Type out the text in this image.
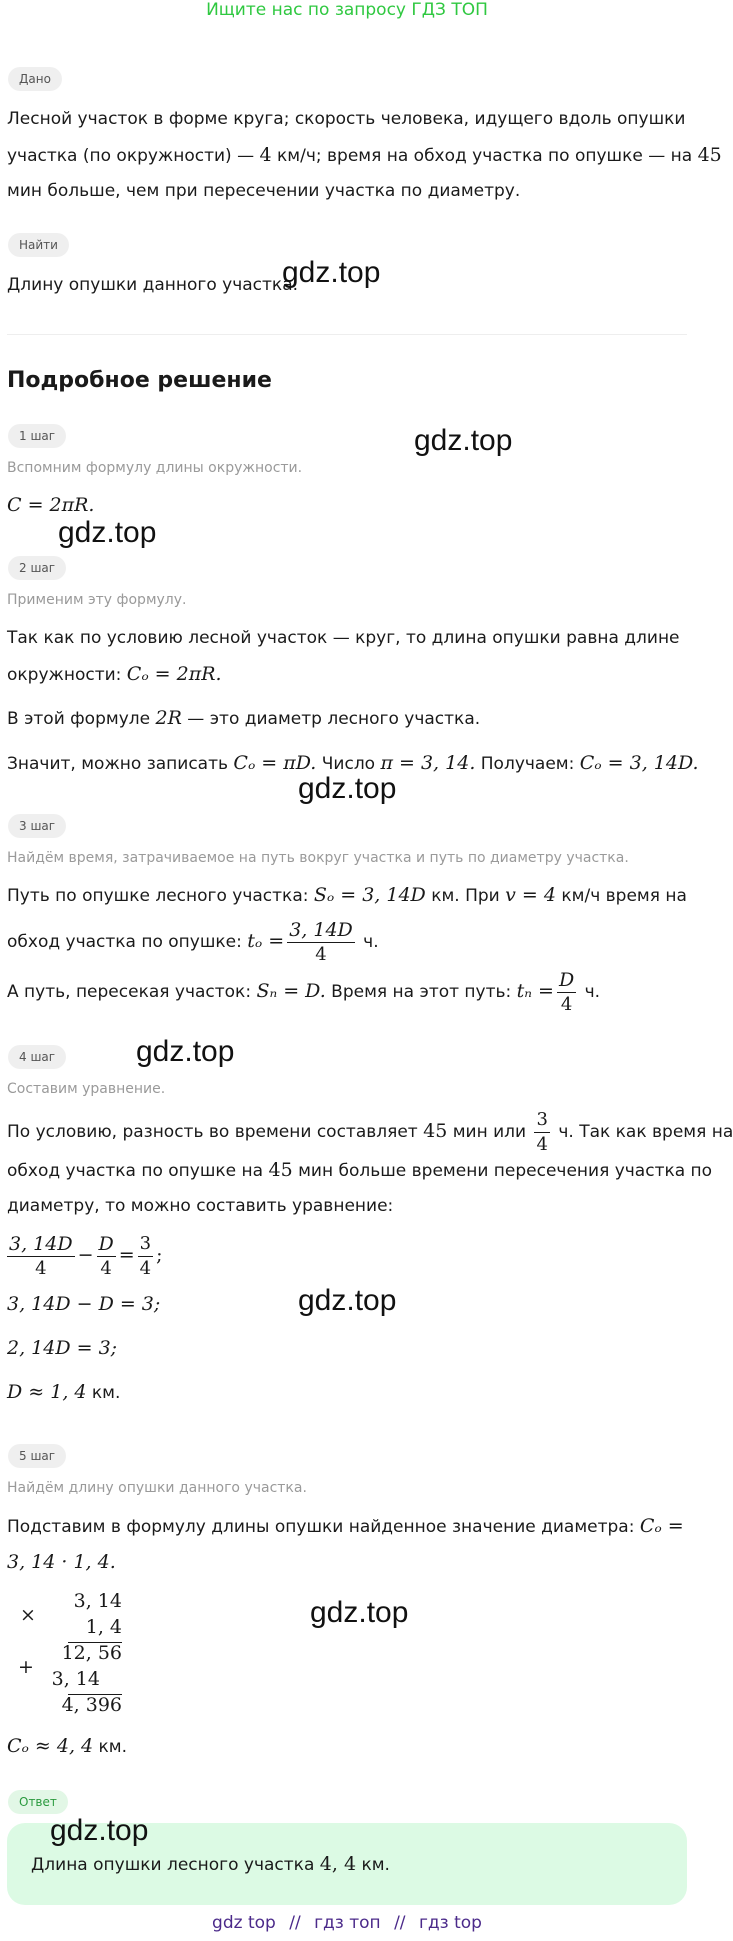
Ищите нас по запросу ГДЗ ТОП
Дано
Лесной участок в форме круга; скорость человека, идущего вдоль опушки
участка (по окружности) — 4 км/ч; время на обход участка по опушке — на 45
мин больше, чем при пересечении участка по диаметру.
Найти
Длину опушки данного участка.
gdz.top
Подробное решение
1 шаг	gdz.top
Вспомним формулу длины окружности.
C = 2πR.
gdz.top
2 шаг
Применим эту формулу.
Так как по условию лесной участок — круг, то длина опушки равна длине
окружности: Cₒ = 2πR.
В этой формуле 2R — это диаметр лесного участка.
Значит, можно записать Cₒ = πD. Число π = 3, 14. Получаем: Cₒ = 3, 14D.
gdz.top
3 шаг
Найдём время, затрачиваемое на путь вокруг участка и путь по диаметру участка.
Путь по опушке лесного участка: Sₒ = 3, 14D км. При v = 4 км/ч время на
обход участка по опушке: $t_o = \frac{3, 14D}{4} ч$.
А путь, пересекая участок: Sₙ = D. Время на этот путь: $t_n = \frac{D}{4} ч$.
4 шаг	gdz.top
Составим уравнение.
По условию, разность во времени составляет 45 мин или $\frac{3}{4} ч$. Так как время на
обход участка по опушке на 45 мин больше времени пересечения участка по
диаметру, то можно составить уравнение:
$\frac{3, 14D}{4} - \frac{D}{4} = \frac{3}{4}$ ;
3, 14D − D = 3;	gdz.top
2, 14D = 3;
D ≈ 1, 4 км.
5 шаг
Найдём длину опушки данного участка.
Подставим в формулу длины опушки найденное значение диаметра: Cₒ =
3, 14 · 1, 4.
×
3, 14
1, 4
12, 56
+
3, 14
4, 396
gdz.top
Cₒ ≈ 4, 4 км.
Ответ
gdz.top
Длина опушки лесного участка 4, 4 км.
gdz top // гдз топ // гдз top
